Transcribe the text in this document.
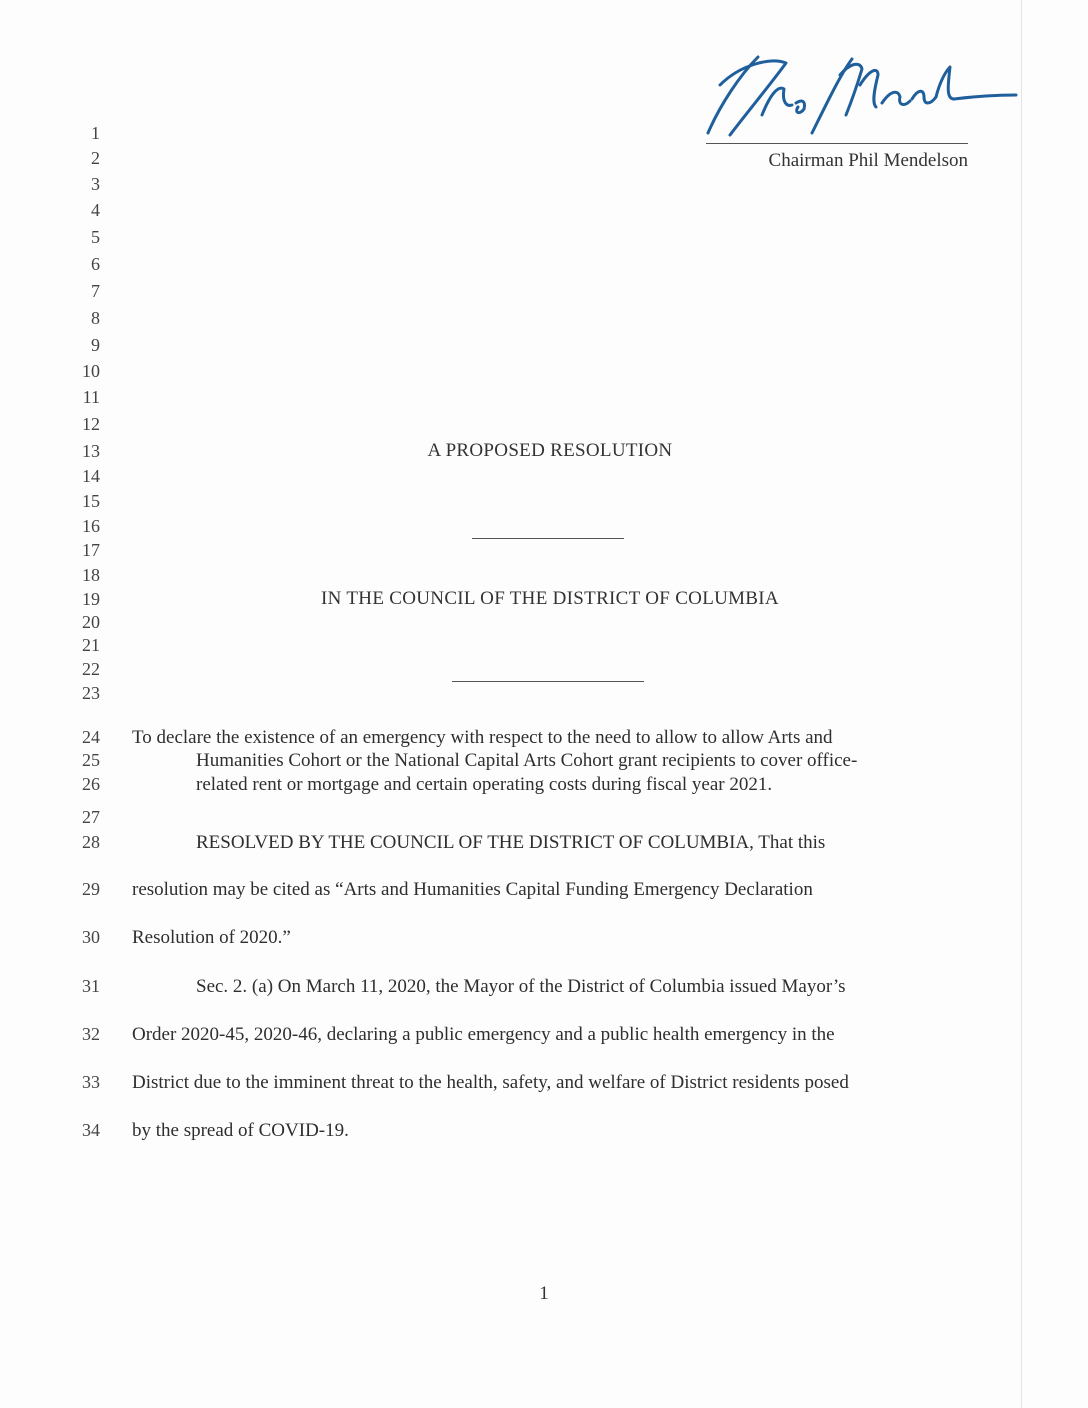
Chairman Phil Mendelson
1
2
3
4
5
6
7
8
9
10
11
12
13
14
15
16
17
18
19
20
21
22
23
24
25
26
27
28
29
30
31
32
33
34
A PROPOSED RESOLUTION
IN THE COUNCIL OF THE DISTRICT OF COLUMBIA
To declare the existence of an emergency with respect to the need to allow to allow Arts and
Humanities Cohort or the National Capital Arts Cohort grant recipients to cover office-
related rent or mortgage and certain operating costs during fiscal year 2021.
RESOLVED BY THE COUNCIL OF THE DISTRICT OF COLUMBIA, That this
resolution may be cited as “Arts and Humanities Capital Funding Emergency Declaration
Resolution of 2020.”
Sec. 2. (a) On March 11, 2020, the Mayor of the District of Columbia issued Mayor’s
Order 2020-45, 2020-46, declaring a public emergency and a public health emergency in the
District due to the imminent threat to the health, safety, and welfare of District residents posed
by the spread of COVID-19.
1
